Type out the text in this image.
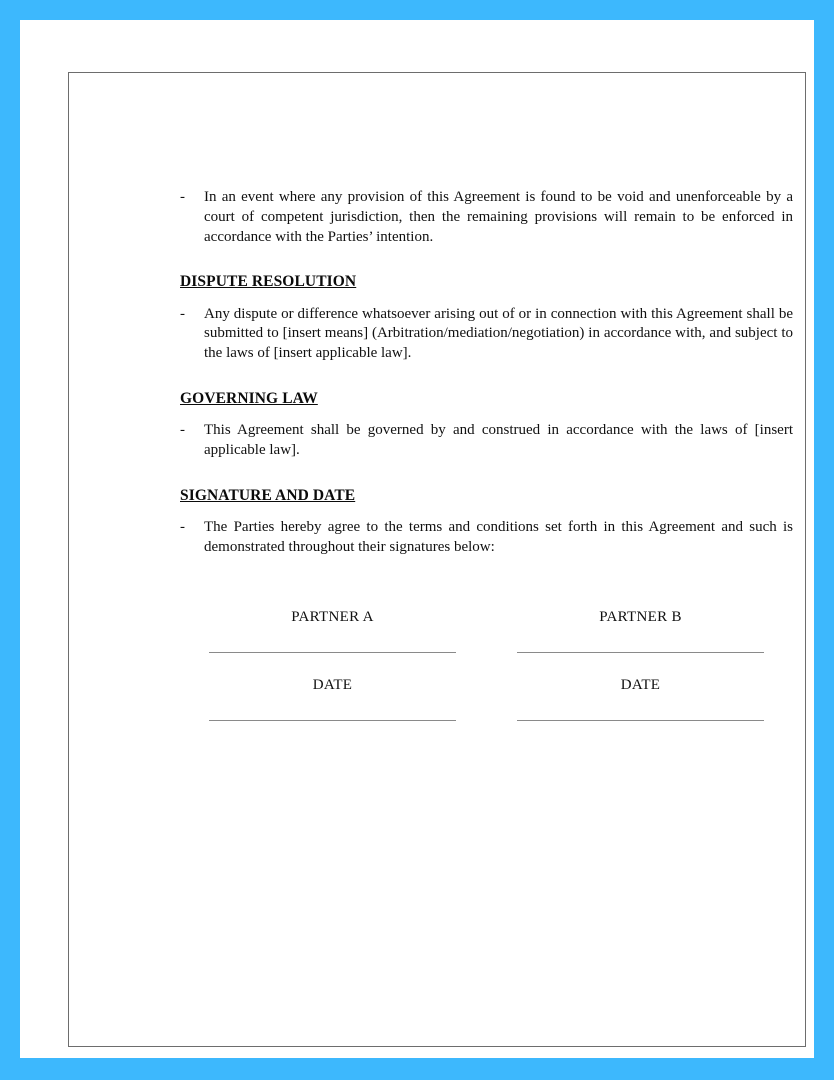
-	In an event where any provision of this Agreement is found to be void and unenforceable by a court of competent jurisdiction, then the remaining provisions will remain to be enforced in accordance with the Parties’ intention.
DISPUTE RESOLUTION
-	Any dispute or difference whatsoever arising out of or in connection with this Agreement shall be submitted to [insert means] (Arbitration/mediation/negotiation) in accordance with, and subject to the laws of [insert applicable law].
GOVERNING LAW
-	This Agreement shall be governed by and construed in accordance with the laws of [insert applicable law].
SIGNATURE AND DATE
-	The Parties hereby agree to the terms and conditions set forth in this Agreement and such is demonstrated throughout their signatures below:
PARTNER A	PARTNER B
DATE	DATE
